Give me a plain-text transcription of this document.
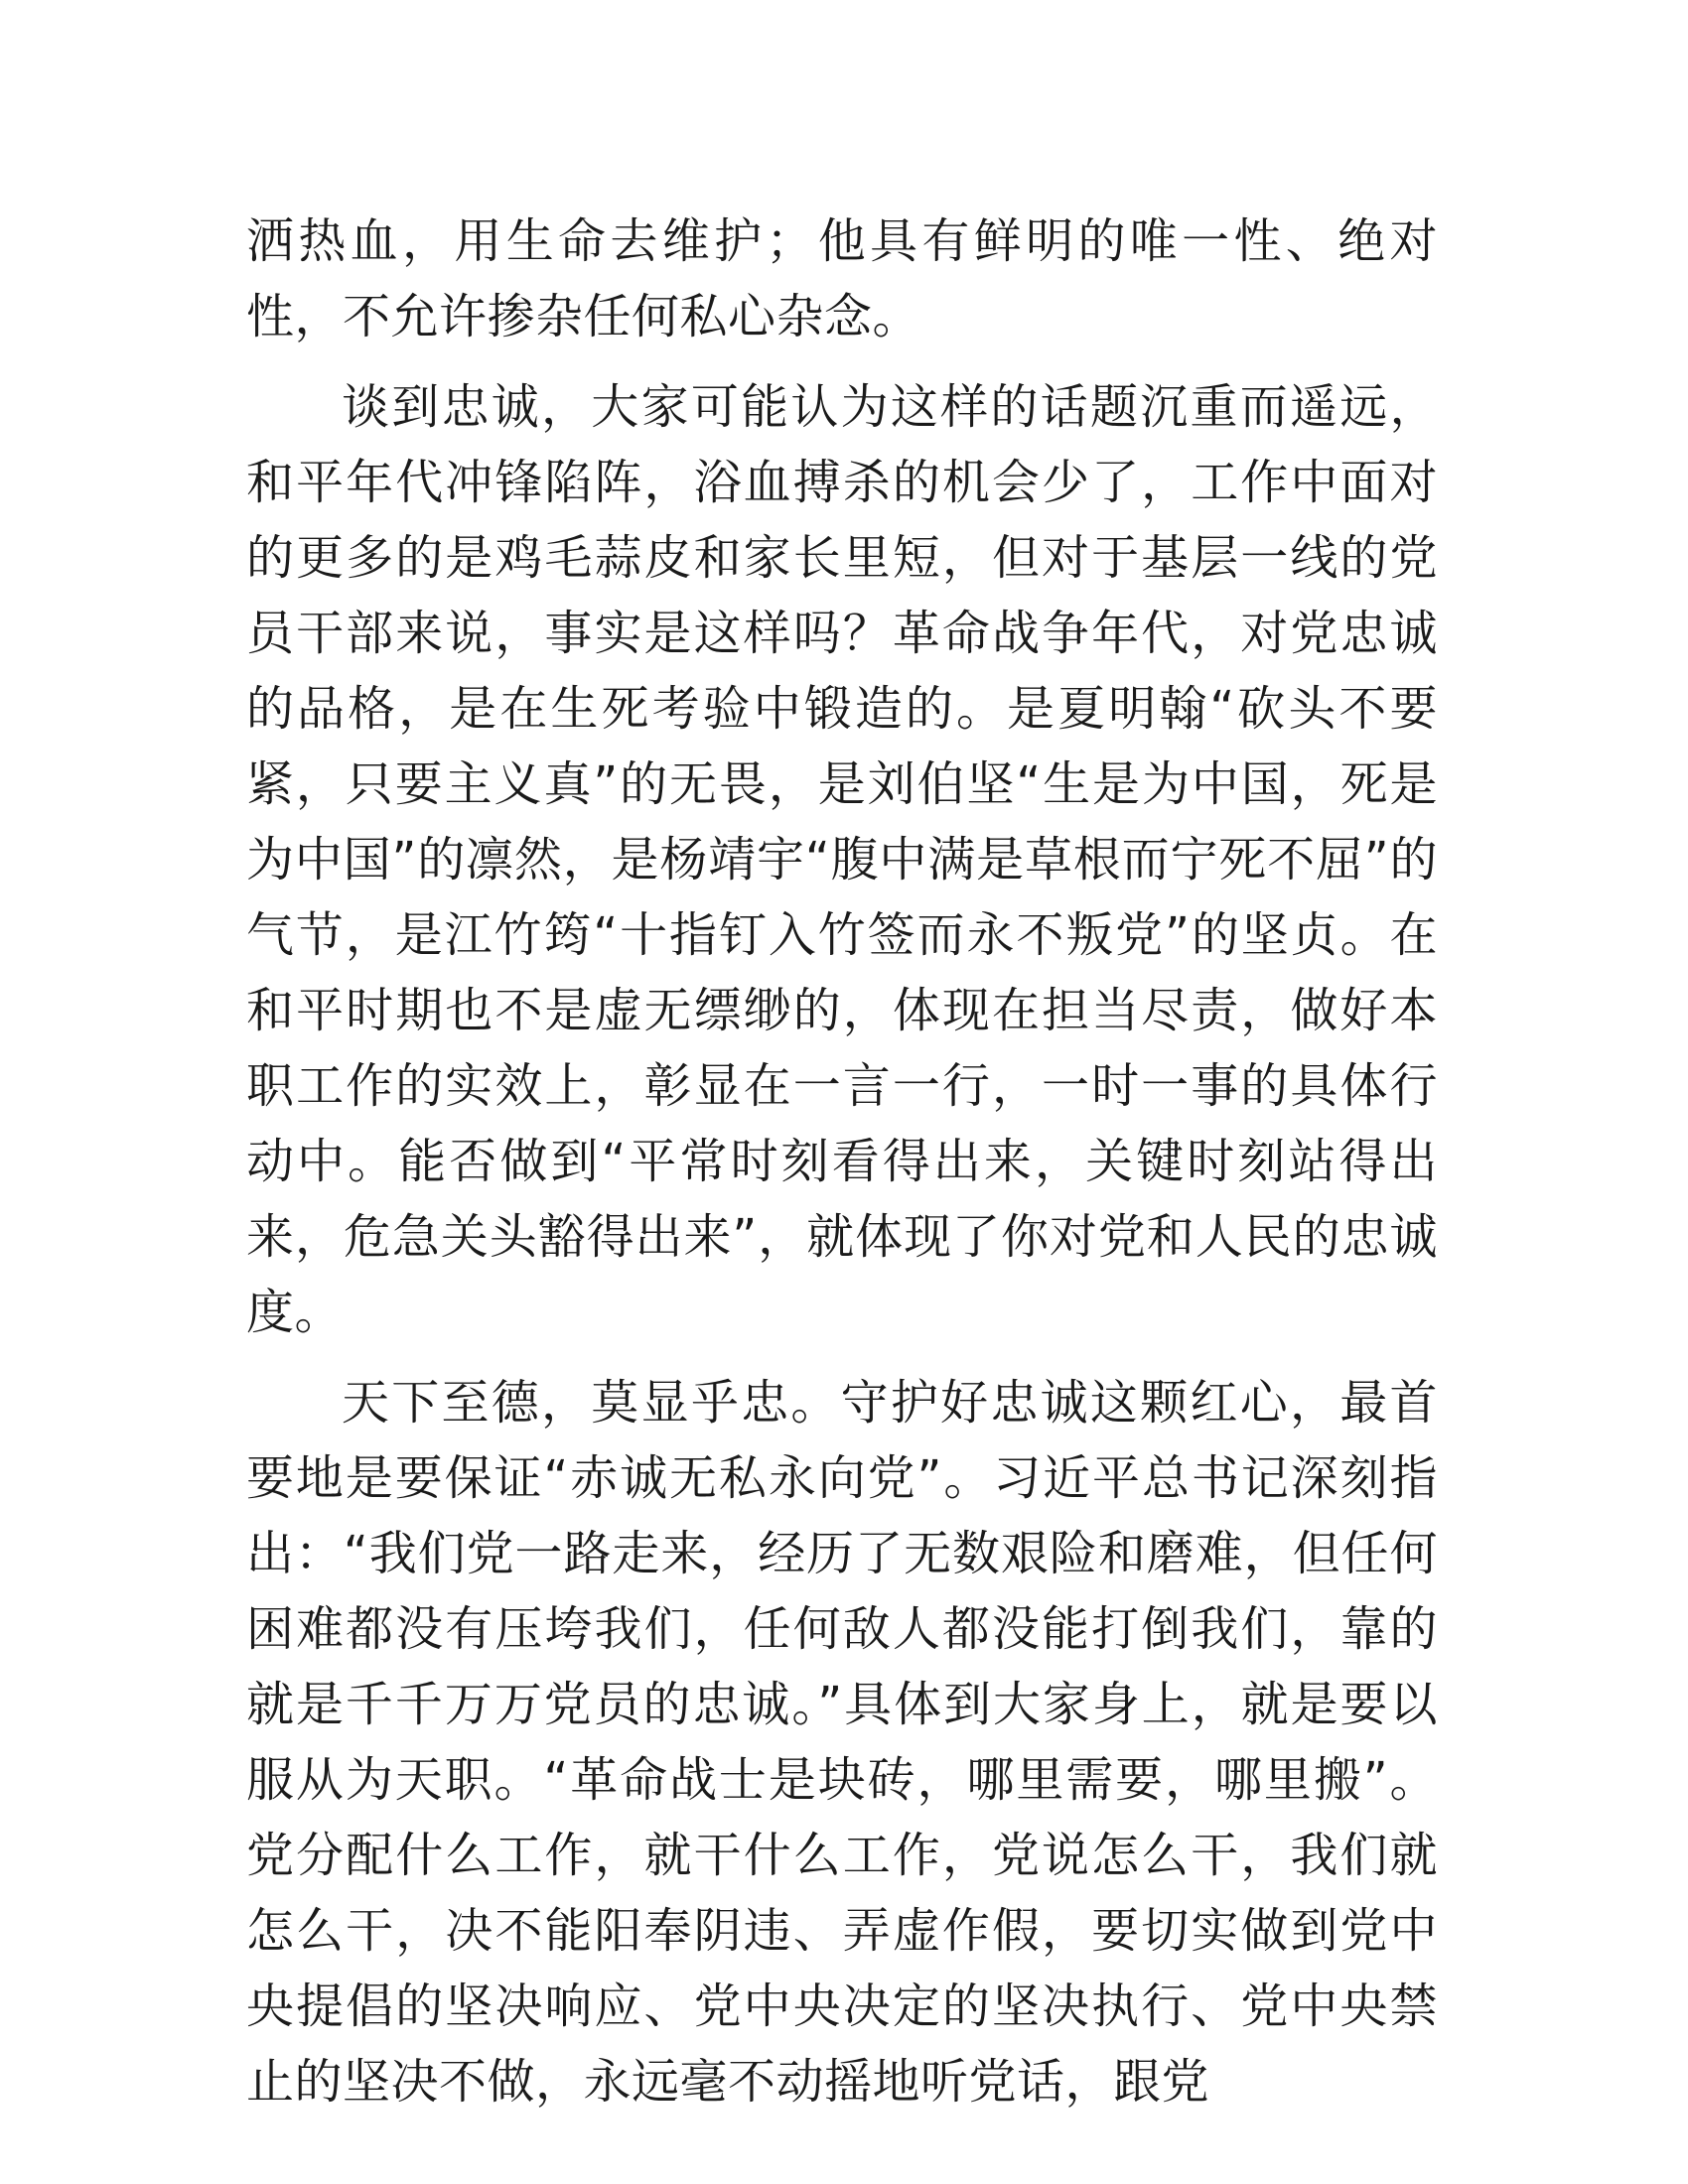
洒热血，用生命去维护；他具有鲜明的唯一性、绝对性，不允许掺杂任何私心杂念。

谈到忠诚，大家可能认为这样的话题沉重而遥远，和平年代冲锋陷阵，浴血搏杀的机会少了，工作中面对的更多的是鸡毛蒜皮和家长里短，但对于基层一线的党员干部来说，事实是这样吗？革命战争年代，对党忠诚的品格，是在生死考验中锻造的。是夏明翰“砍头不要紧，只要主义真”的无畏，是刘伯坚“生是为中国，死是为中国”的凛然，是杨靖宇“腹中满是草根而宁死不屈”的气节，是江竹筠“十指钉入竹签而永不叛党”的坚贞。在和平时期也不是虚无缥缈的，体现在担当尽责，做好本职工作的实效上，彰显在一言一行，一时一事的具体行动中。能否做到“平常时刻看得出来，关键时刻站得出来，危急关头豁得出来”，就体现了你对党和人民的忠诚度。

天下至德，莫显乎忠。守护好忠诚这颗红心，最首要地是要保证“赤诚无私永向党”。习近平总书记深刻指出：“我们党一路走来，经历了无数艰险和磨难，但任何困难都没有压垮我们，任何敌人都没能打倒我们，靠的就是千千万万党员的忠诚。”具体到大家身上，就是要以服从为天职。“革命战士是块砖，哪里需要，哪里搬”。党分配什么工作，就干什么工作，党说怎么干，我们就怎么干，决不能阳奉阴违、弄虚作假，要切实做到党中央提倡的坚决响应、党中央决定的坚决执行、党中央禁止的坚决不做，永远毫不动摇地听党话，跟党
